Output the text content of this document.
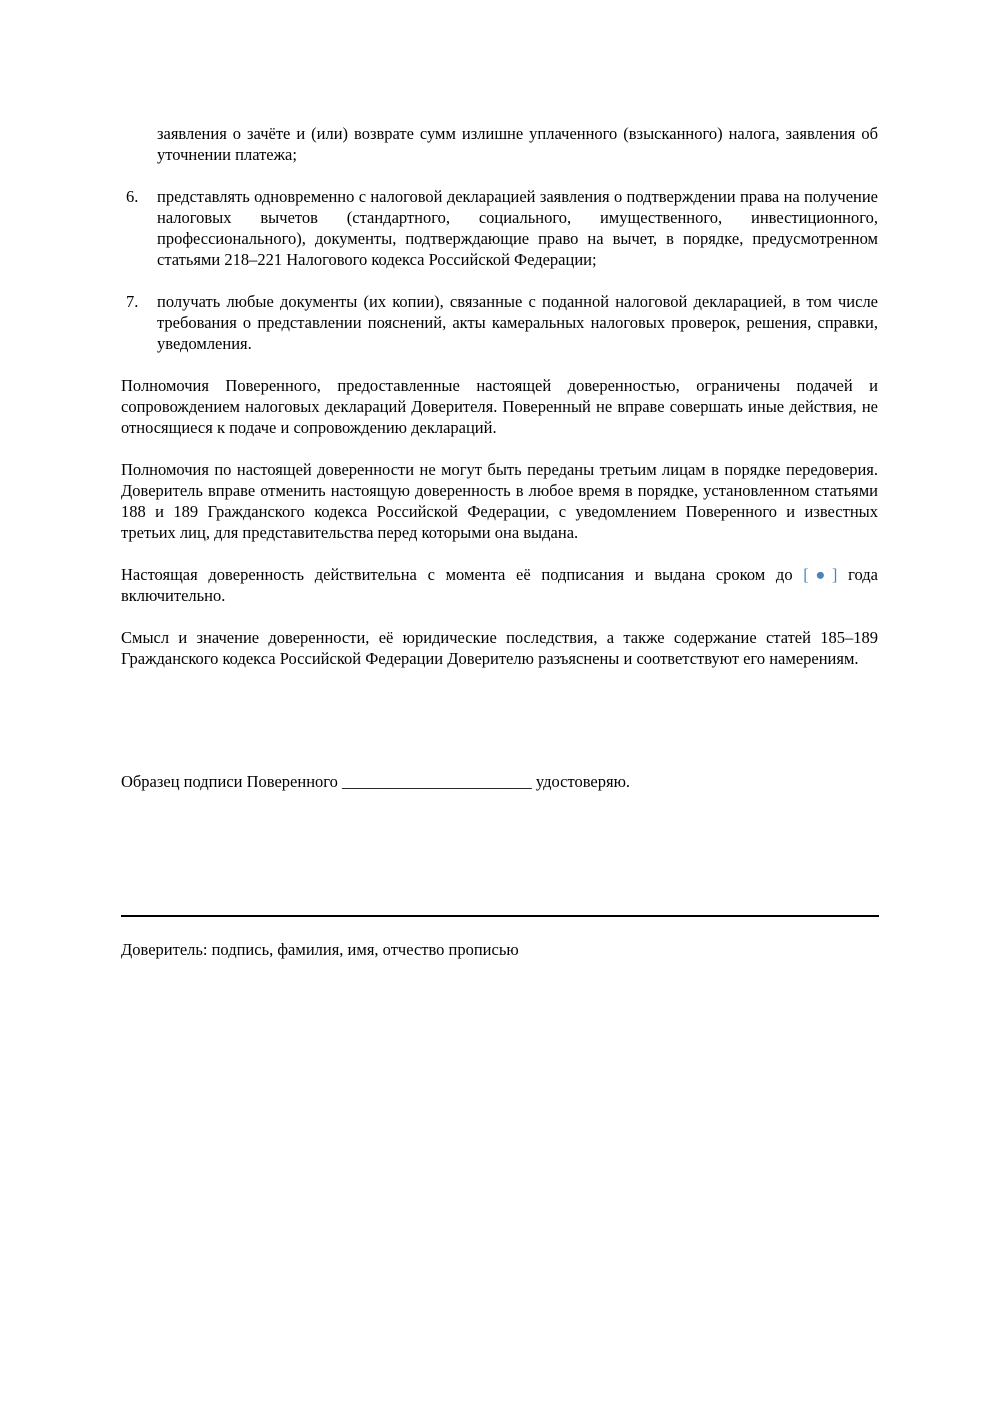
заявления о зачёте и (или) возврате сумм излишне уплаченного (взысканного) налога, заявления об уточнении платежа;
6.	представлять одновременно с налоговой декларацией заявления о подтверждении права на получение налоговых вычетов (стандартного, социального, имущественного, инвестиционного, профессионального), документы, подтверждающие право на вычет, в порядке, предусмотренном статьями 218–221 Налогового кодекса Российской Федерации;
7.	получать любые документы (их копии), связанные с поданной налоговой декларацией, в том числе требования о представлении пояснений, акты камеральных налоговых проверок, решения, справки, уведомления.
Полномочия Поверенного, предоставленные настоящей доверенностью, ограничены подачей и сопровождением налоговых деклараций Доверителя. Поверенный не вправе совершать иные действия, не относящиеся к подаче и сопровождению деклараций.
Полномочия по настоящей доверенности не могут быть переданы третьим лицам в порядке передоверия. Доверитель вправе отменить настоящую доверенность в любое время в порядке, установленном статьями 188 и 189 Гражданского кодекса Российской Федерации, с уведомлением Поверенного и известных третьих лиц, для представительства перед которыми она выдана.
Настоящая доверенность действительна с момента её подписания и выдана сроком до [●] года включительно.
Смысл и значение доверенности, её юридические последствия, а также содержание статей 185–189 Гражданского кодекса Российской Федерации Доверителю разъяснены и соответствуют его намерениям.
Образец подписи Поверенного _______________________ удостоверяю.
Доверитель: подпись, фамилия, имя, отчество прописью
